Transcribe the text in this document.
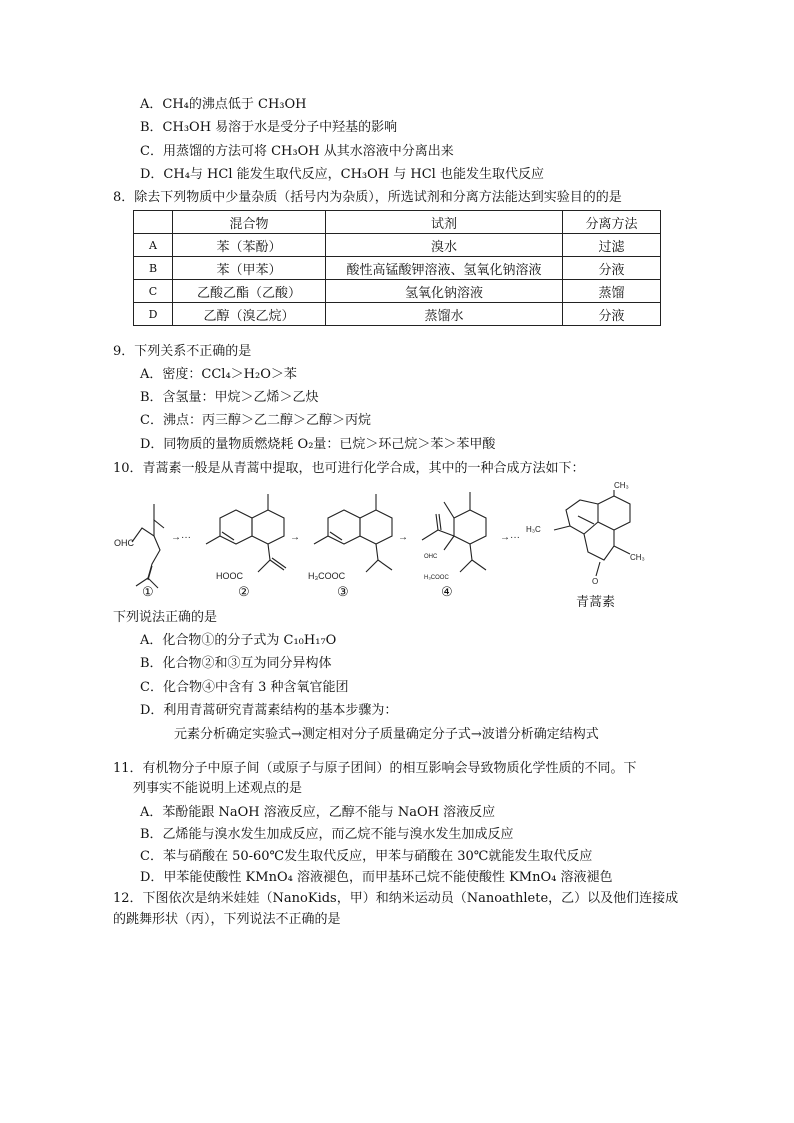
A．CH₄的沸点低于 CH₃OH
B．CH₃OH 易溶于水是受分子中羟基的影响
C．用蒸馏的方法可将 CH₃OH 从其水溶液中分离出来
D．CH₄与 HCl 能发生取代反应，CH₃OH 与 HCl 也能发生取代反应
8．除去下列物质中少量杂质（括号内为杂质），所选试剂和分离方法能达到实验目的的是
	混合物	试剂	分离方法
A	苯（苯酚）	溴水	过滤
B	苯（甲苯）	酸性高锰酸钾溶液、氢氧化钠溶液	分液
C	乙酸乙酯（乙酸）	氢氧化钠溶液	蒸馏
D	乙醇（溴乙烷）	蒸馏水	分液
9．下列关系不正确的是
A．密度：CCl₄＞H₂O＞苯
B．含氢量：甲烷＞乙烯＞乙炔
C．沸点：丙三醇＞乙二醇＞乙醇＞丙烷
D．同物质的量物质燃烧耗 O₂量：已烷＞环己烷＞苯＞苯甲酸
10．青蒿素一般是从青蒿中提取，也可进行化学合成，其中的一种合成方法如下：
OHC	→···
HOOC
→
H₃COOC
→
OHC
H₃COOC
→···
CH₃
H₃C
CH₃
O
①	②	③	④
青蒿素
下列说法正确的是
A．化合物①的分子式为 C₁₀H₁₇O
B．化合物②和③互为同分异构体
C．化合物④中含有 3 种含氧官能团
D．利用青蒿研究青蒿素结构的基本步骤为：
元素分析确定实验式→测定相对分子质量确定分子式→波谱分析确定结构式
11．有机物分子中原子间（或原子与原子团间）的相互影响会导致物质化学性质的不同。下
列事实不能说明上述观点的是
A．苯酚能跟 NaOH 溶液反应，乙醇不能与 NaOH 溶液反应
B．乙烯能与溴水发生加成反应，而乙烷不能与溴水发生加成反应
C．苯与硝酸在 50-60℃发生取代反应，甲苯与硝酸在 30℃就能发生取代反应
D．甲苯能使酸性 KMnO₄ 溶液褪色，而甲基环己烷不能使酸性 KMnO₄ 溶液褪色
12．下图依次是纳米娃娃（NanoKids，甲）和纳米运动员（Nanoathlete，乙）以及他们连接成
的跳舞形状（丙），下列说法不正确的是
